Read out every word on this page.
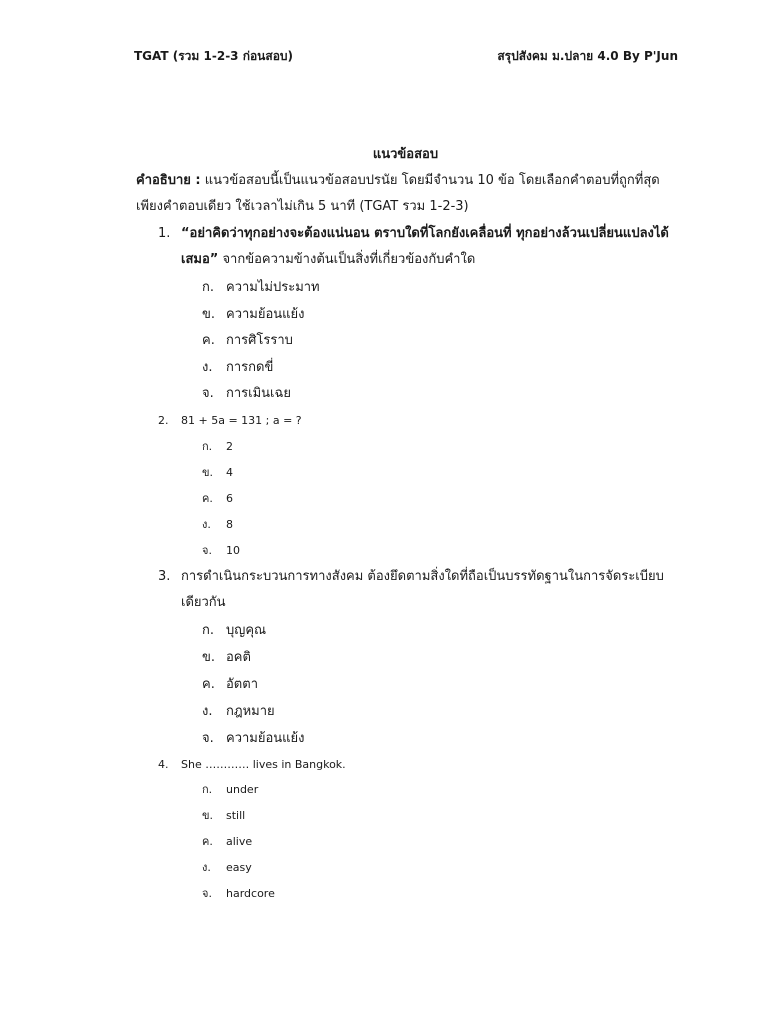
TGAT (รวม 1-2-3 ก่อนสอบ)	สรุปสังคม ม.ปลาย 4.0 By P'Jun
แนวข้อสอบ
คำอธิบาย : แนวข้อสอบนี้เป็นแนวข้อสอบปรนัย โดยมีจำนวน 10 ข้อ โดยเลือกคำตอบที่ถูกที่สุดเพียงคำตอบเดียว ใช้เวลาไม่เกิน 5 นาที (TGAT รวม 1-2-3)
1. “อย่าคิดว่าทุกอย่างจะต้องแน่นอน ตราบใดที่โลกยังเคลื่อนที่ ทุกอย่างล้วนเปลี่ยนแปลงได้เสมอ” จากข้อความข้างต้นเป็นสิ่งที่เกี่ยวข้องกับคำใด
ก. ความไม่ประมาท
ข. ความย้อนแย้ง
ค. การศิโรราบ
ง. การกดขี่
จ. การเมินเฉย
2.	81 + 5a = 131 ; a = ?
ก. 2
ข. 4
ค. 6
ง. 8
จ. 10
3. การดำเนินกระบวนการทางสังคม ต้องยึดตามสิ่งใดที่ถือเป็นบรรทัดฐานในการจัดระเบียบเดียวกัน
ก. บุญคุณ
ข. อคติ
ค. อัตตา
ง. กฎหมาย
จ. ความย้อนแย้ง
4.	She ………… lives in Bangkok.
ก. under
ข. still
ค. alive
ง. easy
จ. hardcore
